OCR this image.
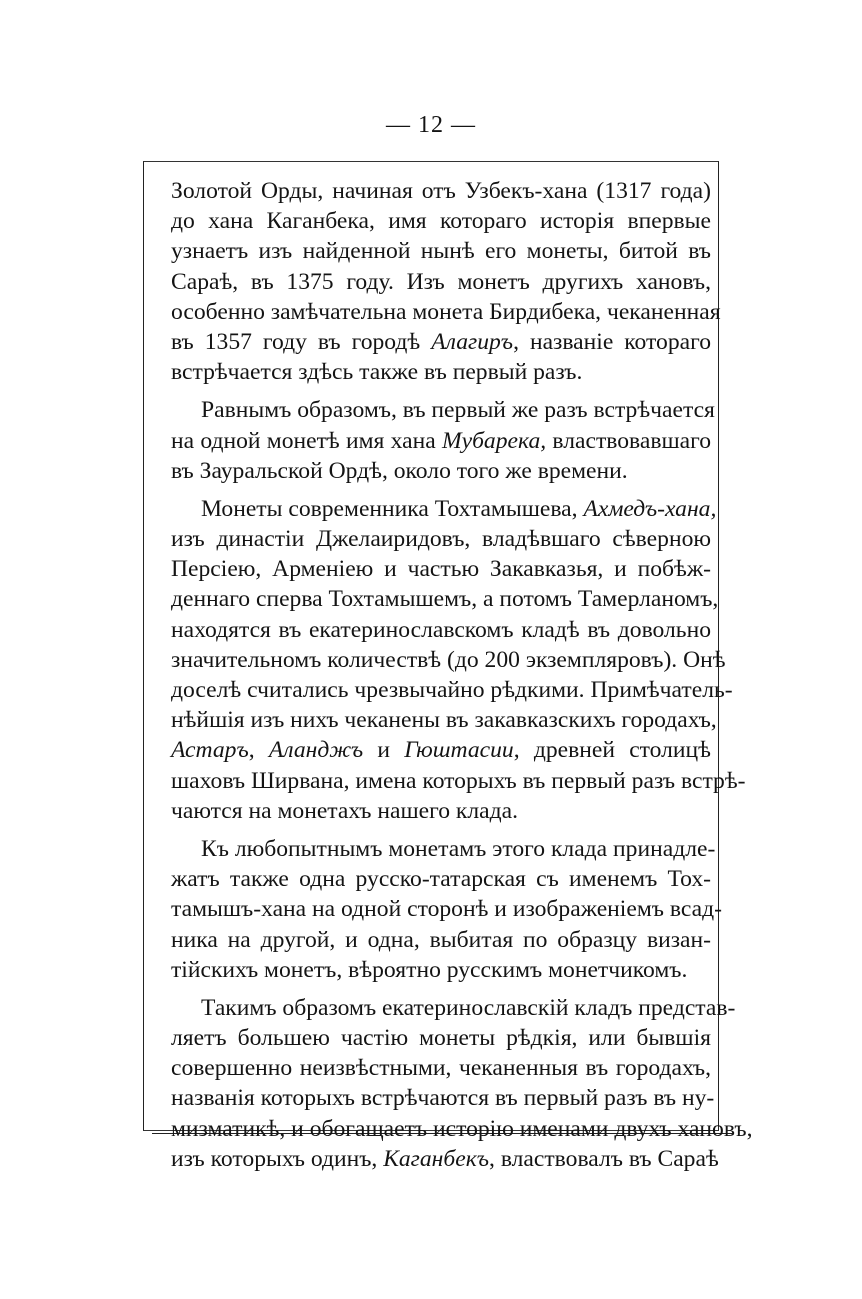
— 12 —
Золотой Орды, начиная отъ Узбекъ-хана (1317 года)
до хана Каганбека, имя котораго исторія впервые
узнаетъ изъ найденной нынѣ его монеты, битой въ
Сараѣ, въ 1375 году. Изъ монетъ другихъ хановъ,
особенно замѣчательна монета Бирдибека, чеканенная
въ 1357 году въ городѣ Алагиръ, названіе котораго
встрѣчается здѣсь также въ первый разъ.
Равнымъ образомъ, въ первый же разъ встрѣчается
на одной монетѣ имя хана Мубарека, властвовавшаго
въ Зауральской Ордѣ, около того же времени.
Монеты современника Тохтамышева, Ахмедъ-хана,
изъ династіи Джелаиридовъ, владѣвшаго сѣверною
Персіею, Арменіею и частью Закавказья, и побѣж-
деннаго сперва Тохтамышемъ, а потомъ Тамерланомъ,
находятся въ екатеринославскомъ кладѣ въ довольно
значительномъ количествѣ (до 200 экземпляровъ). Онѣ
доселѣ считались чрезвычайно рѣдкими. Примѣчатель-
нѣйшія изъ нихъ чеканены въ закавказскихъ городахъ,
Астаръ, Аланджъ и Гюштасии, древней столицѣ
шаховъ Ширвана, имена которыхъ въ первый разъ встрѣ-
чаются на монетахъ нашего клада.
Къ любопытнымъ монетамъ этого клада принадле-
жатъ также одна русско-татарская съ именемъ Тох-
тамышъ-хана на одной сторонѣ и изображеніемъ всад-
ника на другой, и одна, выбитая по образцу визан-
тійскихъ монетъ, вѣроятно русскимъ монетчикомъ.
Такимъ образомъ екатеринославскій кладъ представ-
ляетъ большею частію монеты рѣдкія, или бывшія
совершенно неизвѣстными, чеканенныя въ городахъ,
названія которыхъ встрѣчаются въ первый разъ въ ну-
мизматикѣ, и обогащаетъ исторію именами двухъ хановъ,
изъ которыхъ одинъ, Каганбекъ, властвовалъ въ Сараѣ
